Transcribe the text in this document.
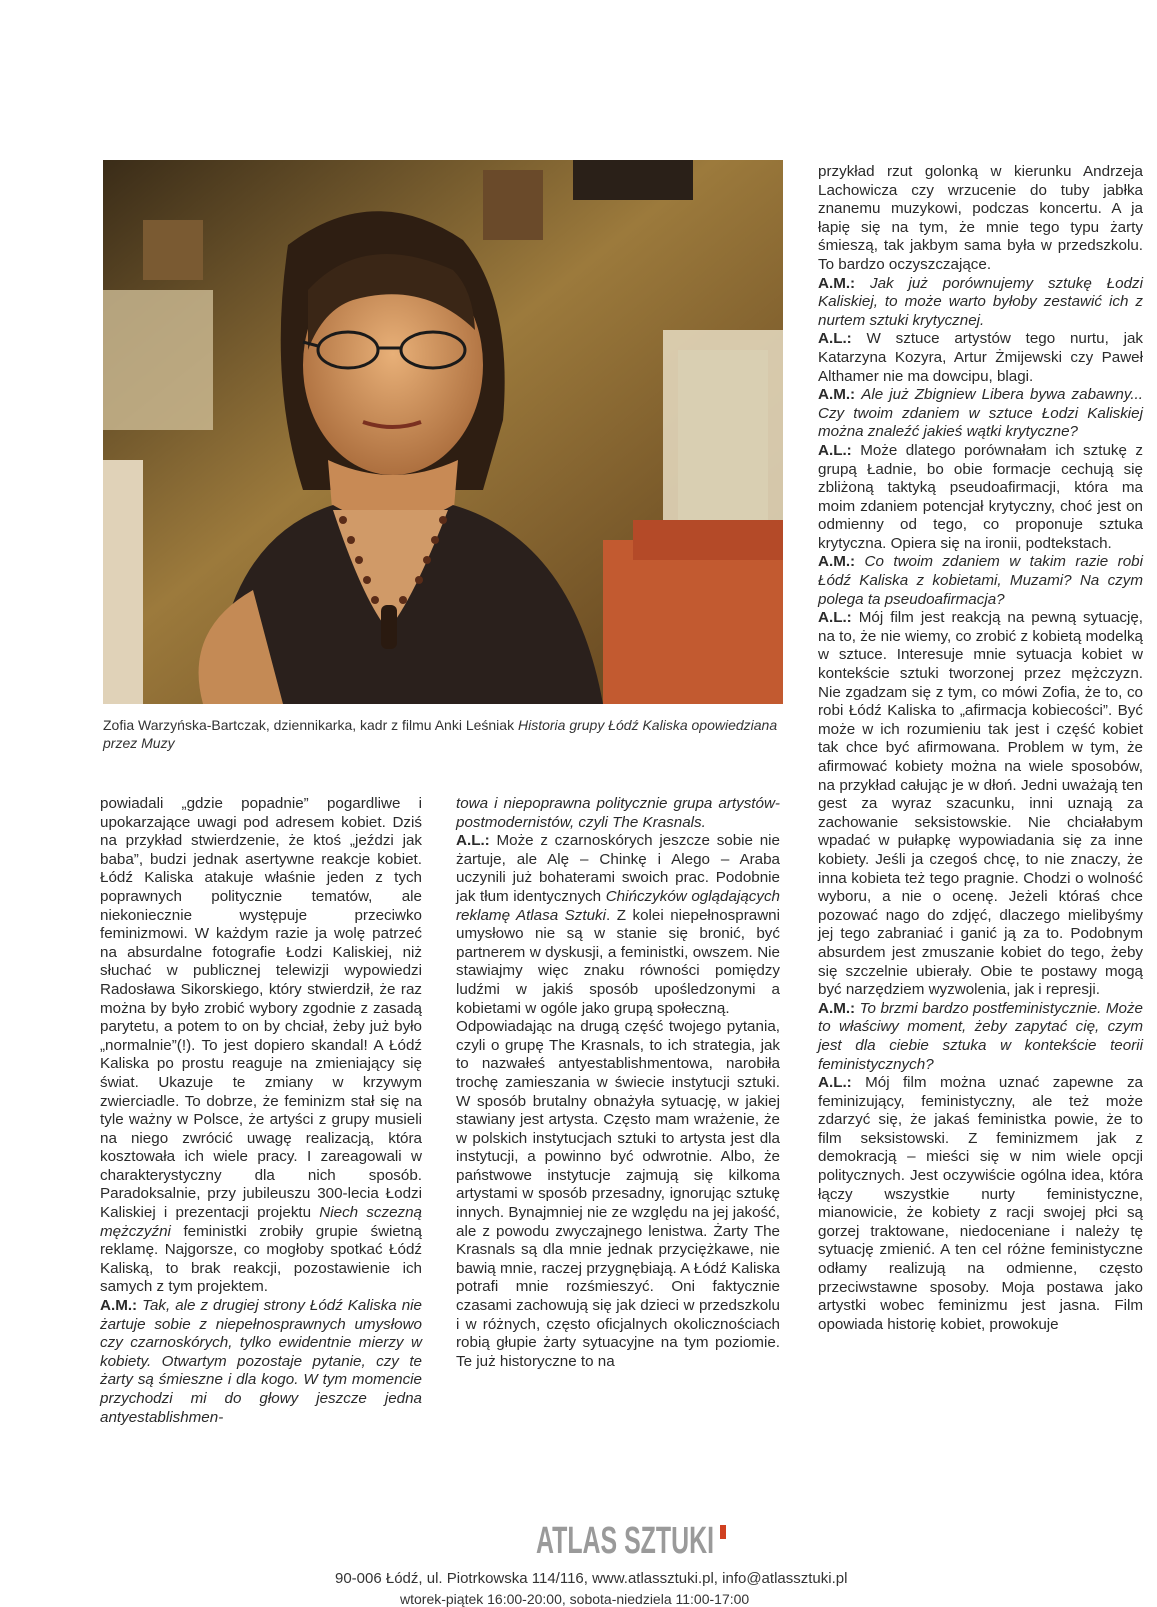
Zofia Warzyńska-Bartczak, dziennikarka, kadr z filmu Anki Leśniak Historia grupy Łódź Kaliska opowiedziana przez Muzy

powiadali „gdzie popadnie” pogardliwe i upokarzające uwagi pod adresem kobiet. Dziś na przykład stwierdzenie, że ktoś „jeździ jak baba”, budzi jednak asertywne reakcje kobiet. Łódź Kaliska atakuje właśnie jeden z tych poprawnych politycznie tematów, ale niekoniecznie występuje przeciwko feminizmowi. W każdym razie ja wolę patrzeć na absurdalne fotografie Łodzi Kaliskiej, niż słuchać w publicznej telewizji wypowiedzi Radosława Sikorskiego, który stwierdził, że raz można by było zrobić wybory zgodnie z zasadą parytetu, a potem to on by chciał, żeby już było „normalnie”(!). To jest dopiero skandal! A Łódź Kaliska po prostu reaguje na zmieniający się świat. Ukazuje te zmiany w krzywym zwierciadle. To dobrze, że feminizm stał się na tyle ważny w Polsce, że artyści z grupy musieli na niego zwrócić uwagę realizacją, która kosztowała ich wiele pracy. I zareagowali w charakterystyczny dla nich sposób. Paradoksalnie, przy jubileuszu 300-lecia Łodzi Kaliskiej i prezentacji projektu Niech sczezną mężczyźni feministki zrobiły grupie świetną reklamę. Najgorsze, co mogłoby spotkać Łódź Kaliską, to brak reakcji, pozostawienie ich samych z tym projektem.

A.M.: Tak, ale z drugiej strony Łódź Kaliska nie żartuje sobie z niepełnosprawnych umysłowo czy czarnoskórych, tylko ewidentnie mierzy w kobiety. Otwartym pozostaje pytanie, czy te żarty są śmieszne i dla kogo. W tym momencie przychodzi mi do głowy jeszcze jedna antyestablishmen-

towa i niepoprawna politycznie grupa artystów-postmodernistów, czyli The Krasnals.

A.L.: Może z czarnoskórych jeszcze sobie nie żartuje, ale Alę – Chinkę i Alego – Araba uczynili już bohaterami swoich prac. Podobnie jak tłum identycznych Chińczyków oglądających reklamę Atlasa Sztuki. Z kolei niepełnosprawni umysłowo nie są w stanie się bronić, być partnerem w dyskusji, a feministki, owszem. Nie stawiajmy więc znaku równości pomiędzy ludźmi w jakiś sposób upośledzonymi a kobietami w ogóle jako grupą społeczną.

Odpowiadając na drugą część twojego pytania, czyli o grupę The Krasnals, to ich strategia, jak to nazwałeś antyestablishmentowa, narobiła trochę zamieszania w świecie instytucji sztuki. W sposób brutalny obnażyła sytuację, w jakiej stawiany jest artysta. Często mam wrażenie, że w polskich instytucjach sztuki to artysta jest dla instytucji, a powinno być odwrotnie. Albo, że państwowe instytucje zajmują się kilkoma artystami w sposób przesadny, ignorując sztukę innych. Bynajmniej nie ze względu na jej jakość, ale z powodu zwyczajnego lenistwa. Żarty The Krasnals są dla mnie jednak przyciężkawe, nie bawią mnie, raczej przygnębiają. A Łódź Kaliska potrafi mnie rozśmieszyć. Oni faktycznie czasami zachowują się jak dzieci w przedszkolu i w różnych, często oficjalnych okolicznościach robią głupie żarty sytuacyjne na tym poziomie. Te już historyczne to na

przykład rzut golonką w kierunku Andrzeja Lachowicza czy wrzucenie do tuby jabłka znanemu muzykowi, podczas koncertu. A ja łapię się na tym, że mnie tego typu żarty śmieszą, tak jakbym sama była w przedszkolu. To bardzo oczyszczające.

A.M.: Jak już porównujemy sztukę Łodzi Kaliskiej, to może warto byłoby zestawić ich z nurtem sztuki krytycznej.

A.L.: W sztuce artystów tego nurtu, jak Katarzyna Kozyra, Artur Żmijewski czy Paweł Althamer nie ma dowcipu, blagi.

A.M.: Ale już Zbigniew Libera bywa zabawny... Czy twoim zdaniem w sztuce Łodzi Kaliskiej można znaleźć jakieś wątki krytyczne?

A.L.: Może dlatego porównałam ich sztukę z grupą Ładnie, bo obie formacje cechują się zbliżoną taktyką pseudoafirmacji, która ma moim zdaniem potencjał krytyczny, choć jest on odmienny od tego, co proponuje sztuka krytyczna. Opiera się na ironii, podtekstach.

A.M.: Co twoim zdaniem w takim razie robi Łódź Kaliska z kobietami, Muzami? Na czym polega ta pseudoafirmacja?

A.L.: Mój film jest reakcją na pewną sytuację, na to, że nie wiemy, co zrobić z kobietą modelką w sztuce. Interesuje mnie sytuacja kobiet w kontekście sztuki tworzonej przez mężczyzn. Nie zgadzam się z tym, co mówi Zofia, że to, co robi Łódź Kaliska to „afirmacja kobiecości”. Być może w ich rozumieniu tak jest i część kobiet tak chce być afirmowana. Problem w tym, że afirmować kobiety można na wiele sposobów, na przykład całując je w dłoń. Jedni uważają ten gest za wyraz szacunku, inni uznają za zachowanie seksistowskie. Nie chciałabym wpadać w pułapkę wypowiadania się za inne kobiety. Jeśli ja czegoś chcę, to nie znaczy, że inna kobieta też tego pragnie. Chodzi o wolność wyboru, a nie o ocenę. Jeżeli któraś chce pozować nago do zdjęć, dlaczego mielibyśmy jej tego zabraniać i ganić ją za to. Podobnym absurdem jest zmuszanie kobiet do tego, żeby się szczelnie ubierały. Obie te postawy mogą być narzędziem wyzwolenia, jak i represji.

A.M.: To brzmi bardzo postfeministycznie. Może to właściwy moment, żeby zapytać cię, czym jest dla ciebie sztuka w kontekście teorii feministycznych?

A.L.: Mój film można uznać zapewne za feminizujący, feministyczny, ale też może zdarzyć się, że jakaś feministka powie, że to film seksistowski. Z feminizmem jak z demokracją – mieści się w nim wiele opcji politycznych. Jest oczywiście ogólna idea, która łączy wszystkie nurty feministyczne, mianowicie, że kobiety z racji swojej płci są gorzej traktowane, niedoceniane i należy tę sytuację zmienić. A ten cel różne feministyczne odłamy realizują na odmienne, często przeciwstawne sposoby. Moja postawa jako artystki wobec feminizmu jest jasna. Film opowiada historię kobiet, prowokuje

ATLAS SZTUKI
90-006 Łódź, ul. Piotrkowska 114/116, www.atlassztuki.pl, info@atlassztuki.pl
wtorek-piątek 16:00-20:00, sobota-niedziela 11:00-17:00
